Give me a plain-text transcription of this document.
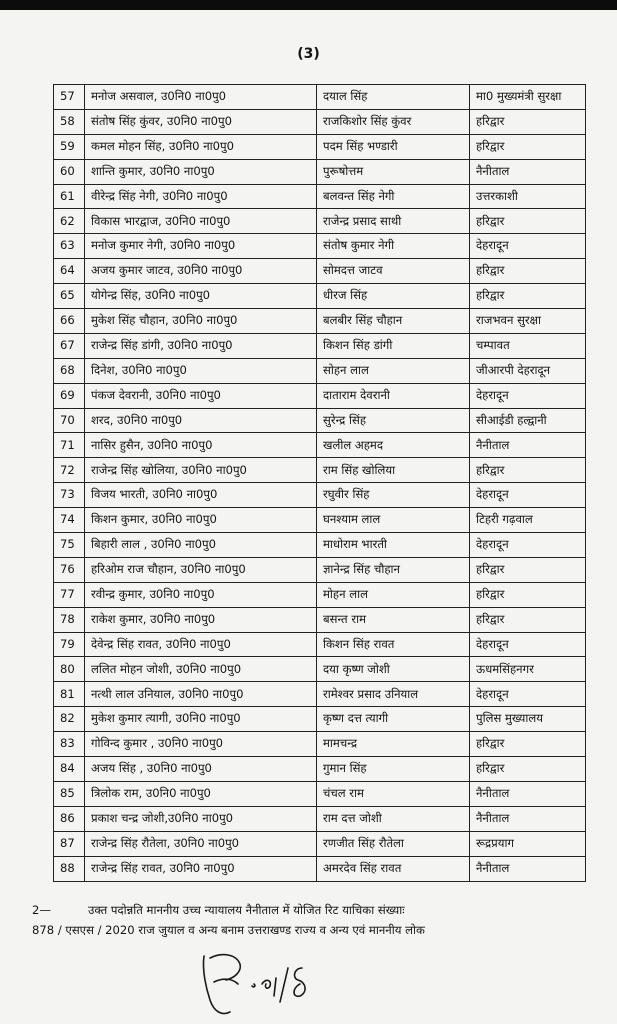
(3)
57	मनोज असवाल, उ0नि0 ना0पु0	दयाल सिंह	मा0 मुख्यमंत्री सुरक्षा
58	संतोष सिंह कुंवर, उ0नि0 ना0पु0	राजकिशोर सिंह कुंवर	हरिद्वार
59	कमल मोहन सिंह, उ0नि0 ना0पु0	पदम सिंह भण्डारी	हरिद्वार
60	शान्ति कुमार, उ0नि0 ना0पु0	पुरूषोत्तम	नैनीताल
61	वीरेन्द्र सिंह नेगी, उ0नि0 ना0पु0	बलवन्त सिंह नेगी	उत्तरकाशी
62	विकास भारद्वाज, उ0नि0 ना0पु0	राजेन्द्र प्रसाद साथी	हरिद्वार
63	मनोज कुमार नेगी, उ0नि0 ना0पु0	संतोष कुमार नेगी	देहरादून
64	अजय कुमार जाटव, उ0नि0 ना0पु0	सोमदत्त जाटव	हरिद्वार
65	योगेन्द्र सिंह, उ0नि0 ना0पु0	धीरज सिंह	हरिद्वार
66	मुकेश सिंह चौहान, उ0नि0 ना0पु0	बलबीर सिंह चौहान	राजभवन सुरक्षा
67	राजेन्द्र सिंह डांगी, उ0नि0 ना0पु0	किशन सिंह डांगी	चम्पावत
68	दिनेश, उ0नि0 ना0पु0	सोहन लाल	जीआरपी देहरादून
69	पंकज देवरानी, उ0नि0 ना0पु0	दाताराम देवरानी	देहरादून
70	शरद, उ0नि0 ना0पु0	सुरेन्द्र सिंह	सीआईडी हल्द्वानी
71	नासिर हुसैन, उ0नि0 ना0पु0	खलील अहमद	नैनीताल
72	राजेन्द्र सिंह खोलिया, उ0नि0 ना0पु0	राम सिंह खोलिया	हरिद्वार
73	विजय भारती, उ0नि0 ना0पु0	रघुवीर सिंह	देहरादून
74	किशन कुमार, उ0नि0 ना0पु0	घनश्याम लाल	टिहरी गढ़वाल
75	बिहारी लाल , उ0नि0 ना0पु0	माधोराम भारती	देहरादून
76	हरिओम राज चौहान, उ0नि0 ना0पु0	ज्ञानेन्द्र सिंह चौहान	हरिद्वार
77	रवीन्द्र कुमार, उ0नि0 ना0पु0	मोहन लाल	हरिद्वार
78	राकेश कुमार, उ0नि0 ना0पु0	बसन्त राम	हरिद्वार
79	देवेन्द्र सिंह रावत, उ0नि0 ना0पु0	किशन सिंह रावत	देहरादून
80	ललित मोहन जोशी, उ0नि0 ना0पु0	दया कृष्ण जोशी	ऊधमसिंहनगर
81	नत्थी लाल उनियाल, उ0नि0 ना0पु0	रामेश्वर प्रसाद उनियाल	देहरादून
82	मुकेश कुमार त्यागी, उ0नि0 ना0पु0	कृष्ण दत्त त्यागी	पुलिस मुख्यालय
83	गोविन्द कुमार , उ0नि0 ना0पु0	मामचन्द्र	हरिद्वार
84	अजय सिंह , उ0नि0 ना0पु0	गुमान सिंह	हरिद्वार
85	त्रिलोक राम, उ0नि0 ना0पु0	चंचल राम	नैनीताल
86	प्रकाश चन्द्र जोशी,उ0नि0 ना0पु0	राम दत्त जोशी	नैनीताल
87	राजेन्द्र सिंह रौतेला, उ0नि0 ना0पु0	रणजीत सिंह रौतेला	रूद्रप्रयाग
88	राजेन्द्र सिंह रावत, उ0नि0 ना0पु0	अमरदेव सिंह रावत	नैनीताल
2—	उक्त पदोन्नति माननीय उच्च न्यायालय नैनीताल में योजित रिट याचिका संख्याः
878 / एसएस / 2020 राज जुयाल व अन्य बनाम उत्तराखण्ड राज्य व अन्य एवं माननीय लोक
